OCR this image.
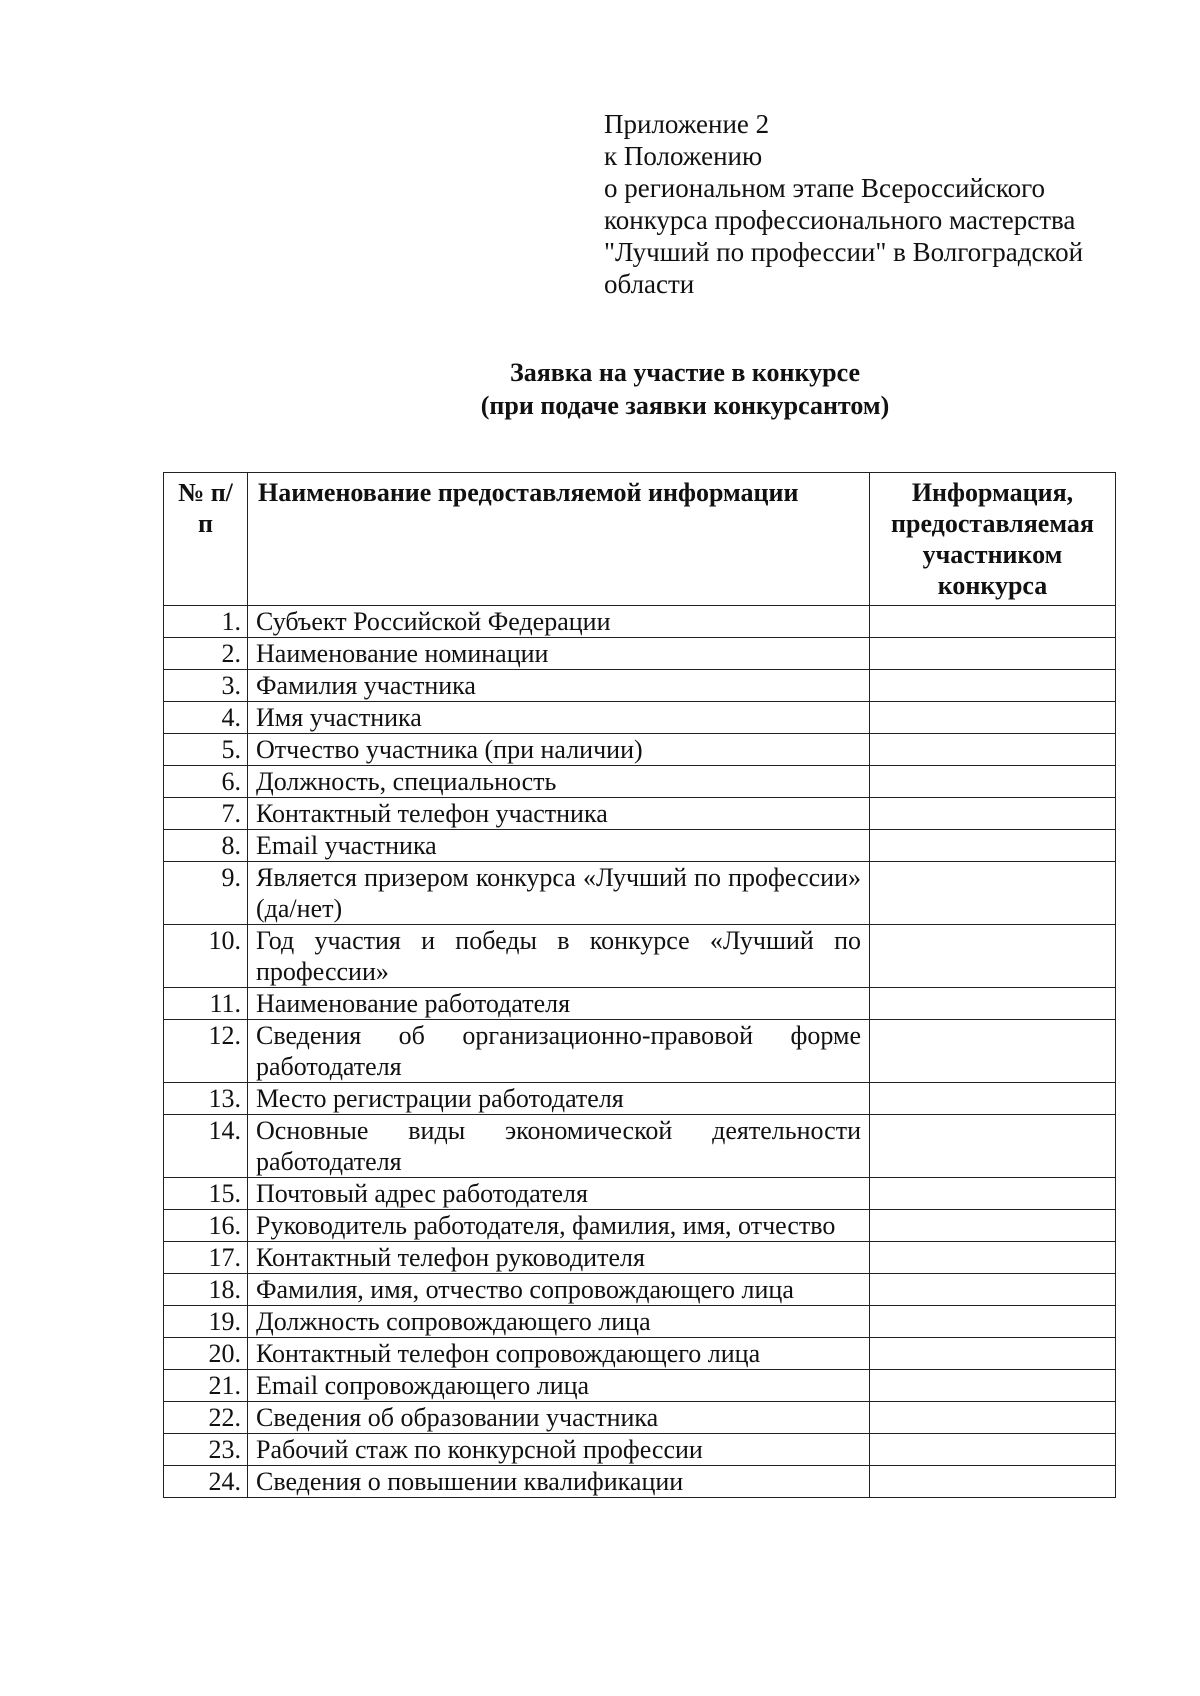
Приложение 2
к Положению
о региональном этапе Всероссийского
конкурса профессионального мастерства
"Лучший по профессии" в Волгоградской
области
Заявка на участие в конкурсе
(при подаче заявки конкурсантом)
№ п/п	Наименование предоставляемой информации	Информация, предоставляемая участником конкурса
1.	Субъект Российской Федерации	
2.	Наименование номинации	
3.	Фамилия участника	
4.	Имя участника	
5.	Отчество участника (при наличии)	
6.	Должность, специальность	
7.	Контактный телефон участника	
8.	Email участника	
9.	Является призером конкурса «Лучший по профессии» (да/нет)	
10.	Год участия и победы в конкурсе «Лучший по профессии»	
11.	Наименование работодателя	
12.	Сведения об организационно-правовой форме работодателя	
13.	Место регистрации работодателя	
14.	Основные виды экономической деятельности работодателя	
15.	Почтовый адрес работодателя	
16.	Руководитель работодателя, фамилия, имя, отчество	
17.	Контактный телефон руководителя	
18.	Фамилия, имя, отчество сопровождающего лица	
19.	Должность сопровождающего лица	
20.	Контактный телефон сопровождающего лица	
21.	Email сопровождающего лица	
22.	Сведения об образовании участника	
23.	Рабочий стаж по конкурсной профессии	
24.	Сведения о повышении квалификации	
